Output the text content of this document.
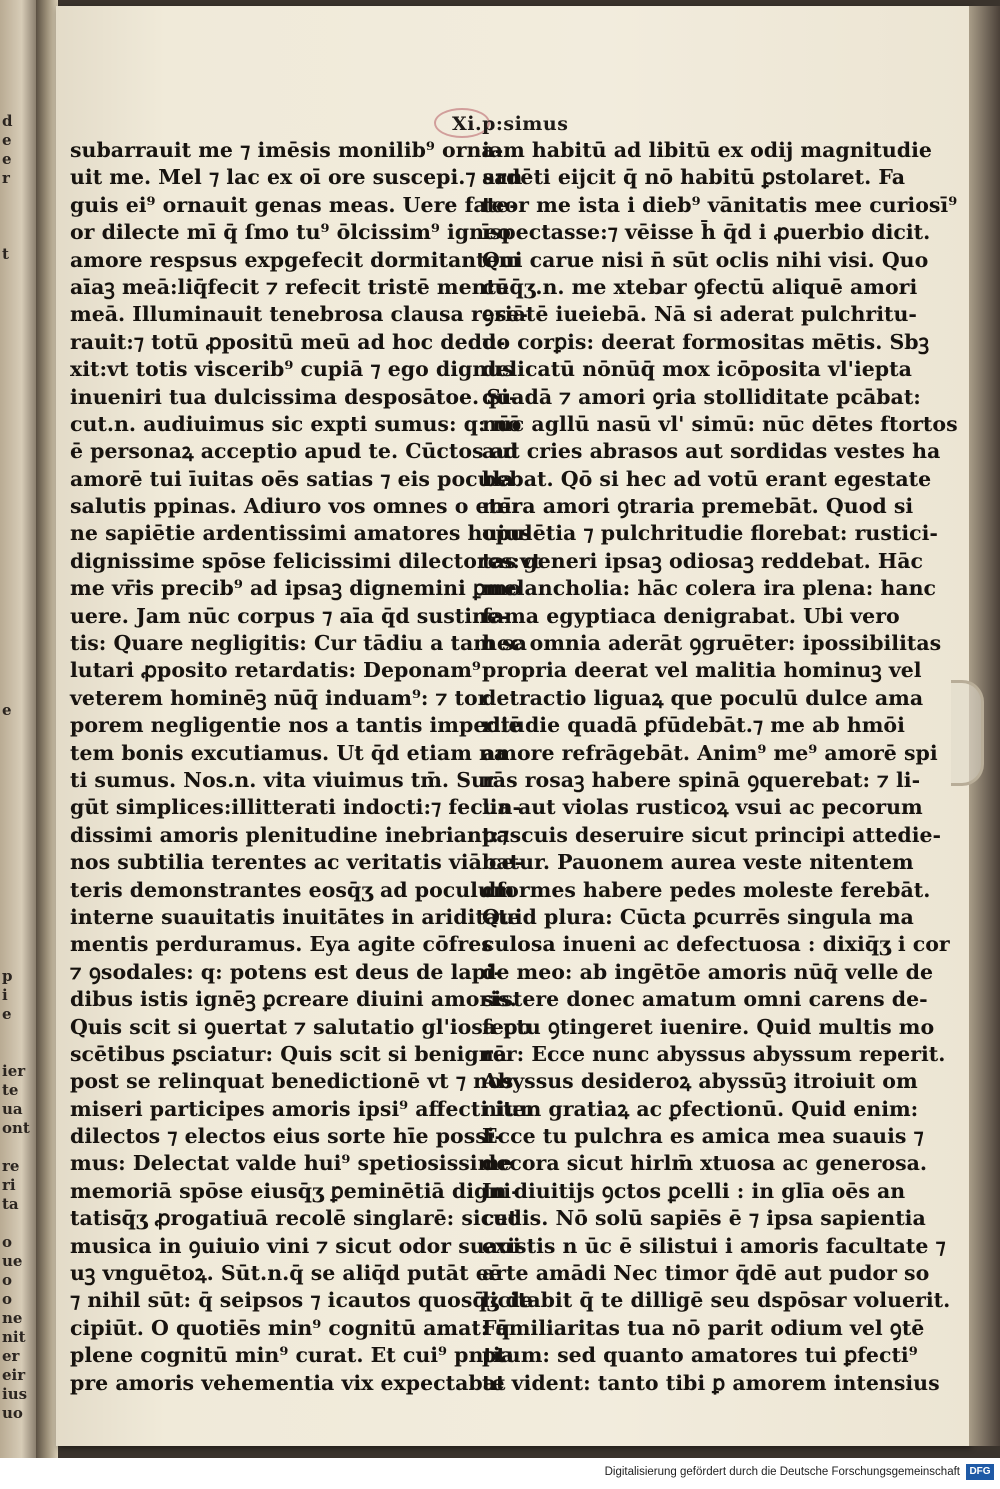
d
e
e
r
t
e
p
i
e
ier
te
ua
ont
re
ri
ta
o
ue
o
o
ne
nit
er
eir
ius
uo
Xi.p:simus
subarrauit me ⁊ imēsis monilib⁹ orna-
uit me. Mel ⁊ lac ex oī ore suscepi.⁊ san
guis ei⁹ ornauit genas meas. Uere fate-
or dilecte mī q̄ ſmo tu⁹ ōlcissim⁹ igneo
amore respsus expgefecit dormitantem
aīaꝫ meā:liq̄fecit ⁊ refecit tristē mentē
meā. Illuminauit tenebrosa clausa rese-
rauit:⁊ totū ꝓpositū meū ad hoc dedu-
xit:vt totis viscerib⁹ cupiā ⁊ ego dignus
inueniri tua dulcissima desposātoe. Si-
cut.n. audiuimus sic expti sumus: q: nō
ē personaꝝ acceptio apud te. Cūctos ad
amorē tui īuitas oēs satias ⁊ eis pocula
salutis ppinas. Adiuro vos omnes o eter
ne sapiētie ardentissimi amatores huius
dignissime spōse felicissimi dilectores:vt
me vr̄is precib⁹ ad ipsaꝫ dignemini ꝑmo
uere. Jam nūc corpus ⁊ aīa q̄d sustine-
tis: Quare negligitis: Cur tādiu a tam sa
lutari ꝓposito retardatis: Deponam⁹
veterem hominēꝫ nūq̄ induam⁹: ⁊ tor
porem negligentie nos a tantis impediē
tem bonis excutiamus. Ut q̄d etiam na
ti sumus. Nos.n. vita viuimus tm̄. Sur
gūt simplices:illitterati indocti:⁊ fecun-
dissimi amoris plenitudine inebriant:⁊
nos subtilia terentes ac veritatis viā ce-
teris demonstrantes eosq̄ʒ ad poculum
interne suauitatis inuitātes in ariditate
mentis perduramus. Eya agite cōfres
⁊ ꝯsodales: q: potens est deus de lapi-
dibus istis ignēꝫ ꝑcreare diuini amoris.
Quis scit si ꝯuertat ⁊ salutatio gl'iosa po
scētibus ꝑsciatur: Quis scit si benignā
post se relinquat benedictionē vt ⁊ nos
miseri participes amoris ipsi⁹ affecti iter
dilectos ⁊ electos eius sorte hīe possi-
mus: Delectat valde hui⁹ spetiosissime
memoriā spōse eiusq̄ʒ ꝑeminētiā digni-
tatisq̄ʒ ꝓrogatiuā recolē singlarē: sicut
musica in ꝯuiuio vini ⁊ sicut odor suaui
uꝫ vnguētoꝝ. Sūt.n.q̄ se aliq̄d putāt eē
⁊ nihil sūt: q̄ seipsos ⁊ icautos quosq̄ʒ de
cipiūt. O quotiēs min⁹ cognitū amat: q̄
plene cognitū min⁹ curat. Et cui⁹ pntia
pre amoris vehementia vix expectabat
iam habitū ad libitū ex odij magnitudie
ardēti eijcit q̄ nō habitū ꝑstolaret. Fa
teor me ista i dieb⁹ vānitatis mee curiosī⁹
īspectasse:⁊ vēisse h̄ q̄d i ꝓuerbio dicit.
Qui carue nisi n̄ sūt oclis nihi visi. Quo
cūq̄ʒ.n. me xtebar ꝯfectū aliquē amori
ꝯriātē iueiebā. Nā si aderat pulchritu-
do corꝑis: deerat formositas mētis. Sbꝫ
delicatū nōnūq̄ mox icōposita vl'iepta
quadā ⁊ amori ꝯria stolliditate pcābat:
nūc agllū nasū vl' simū: nūc dētes ftortos
aut cries abrasos aut sordidas vestes ha
bebat. Qō si hec ad votū erant egestate
mīra amori ꝯtraria premebāt. Quod si
opulētia ⁊ pulchritudie florebat: rustici-
tas generi ipsaꝫ odiosaꝫ reddebat. Hāc
melancholia: hāc colera ira plena: hanc
fama egyptiaca denigrabat. Ubi vero
hec omnia aderāt ꝯgruēter: ipossibilitas
propria deerat vel malitia hominuꝫ vel
detractio liguaꝝ que poculū dulce ama
ritudie quadā ꝑfūdebāt.⁊ me ab hmōi
amore refrāgebāt. Anim⁹ me⁹ amorē spi
rās rosaꝫ habere spinā ꝯquerebat: ⁊ li-
lia aut violas rusticoꝝ vsui ac pecorum
pascuis deseruire sicut principi attedie-
batur. Pauonem aurea veste nitentem
dformes habere pedes moleste ferebāt.
Quid plura: Cūcta ꝑcurrēs singula ma
culosa inueni ac defectuosa : dixiq̄ʒ i cor
de meo: ab ingētōe amoris nūq̄ velle de
sistere donec amatum omni carens de-
fectu ꝯtingeret iuenire. Quid multis mo
rer: Ecce nunc abyssus abyssum reperit.
Abyssus desideroꝝ abyssūꝫ itroiuit om
nium gratiaꝝ ac ꝑfectionū. Quid enim:
Ecce tu pulchra es amica mea suauis ⁊
decora sicut hirlm̄ xtuosa ac generosa.
In diuitijs ꝯctos ꝑcelli : in glīa oēs an
cedis. Nō solū sapiēs ē ⁊ ipsa sapientia
existis n ūc ē silistui i amoris facultate ⁊
arte amādi Nec timor q̄dē aut pudor so
licitabit q̄ te dilligē seu dspōsar voluerit.
Familiaritas tua nō parit odium vel ꝯtē
ptum: sed quanto amatores tui ꝑfecti⁹
te vident: tanto tibi ꝑ amorem intensius
Digitalisierung gefördert durch die Deutsche Forschungsgemeinschaft DFG
